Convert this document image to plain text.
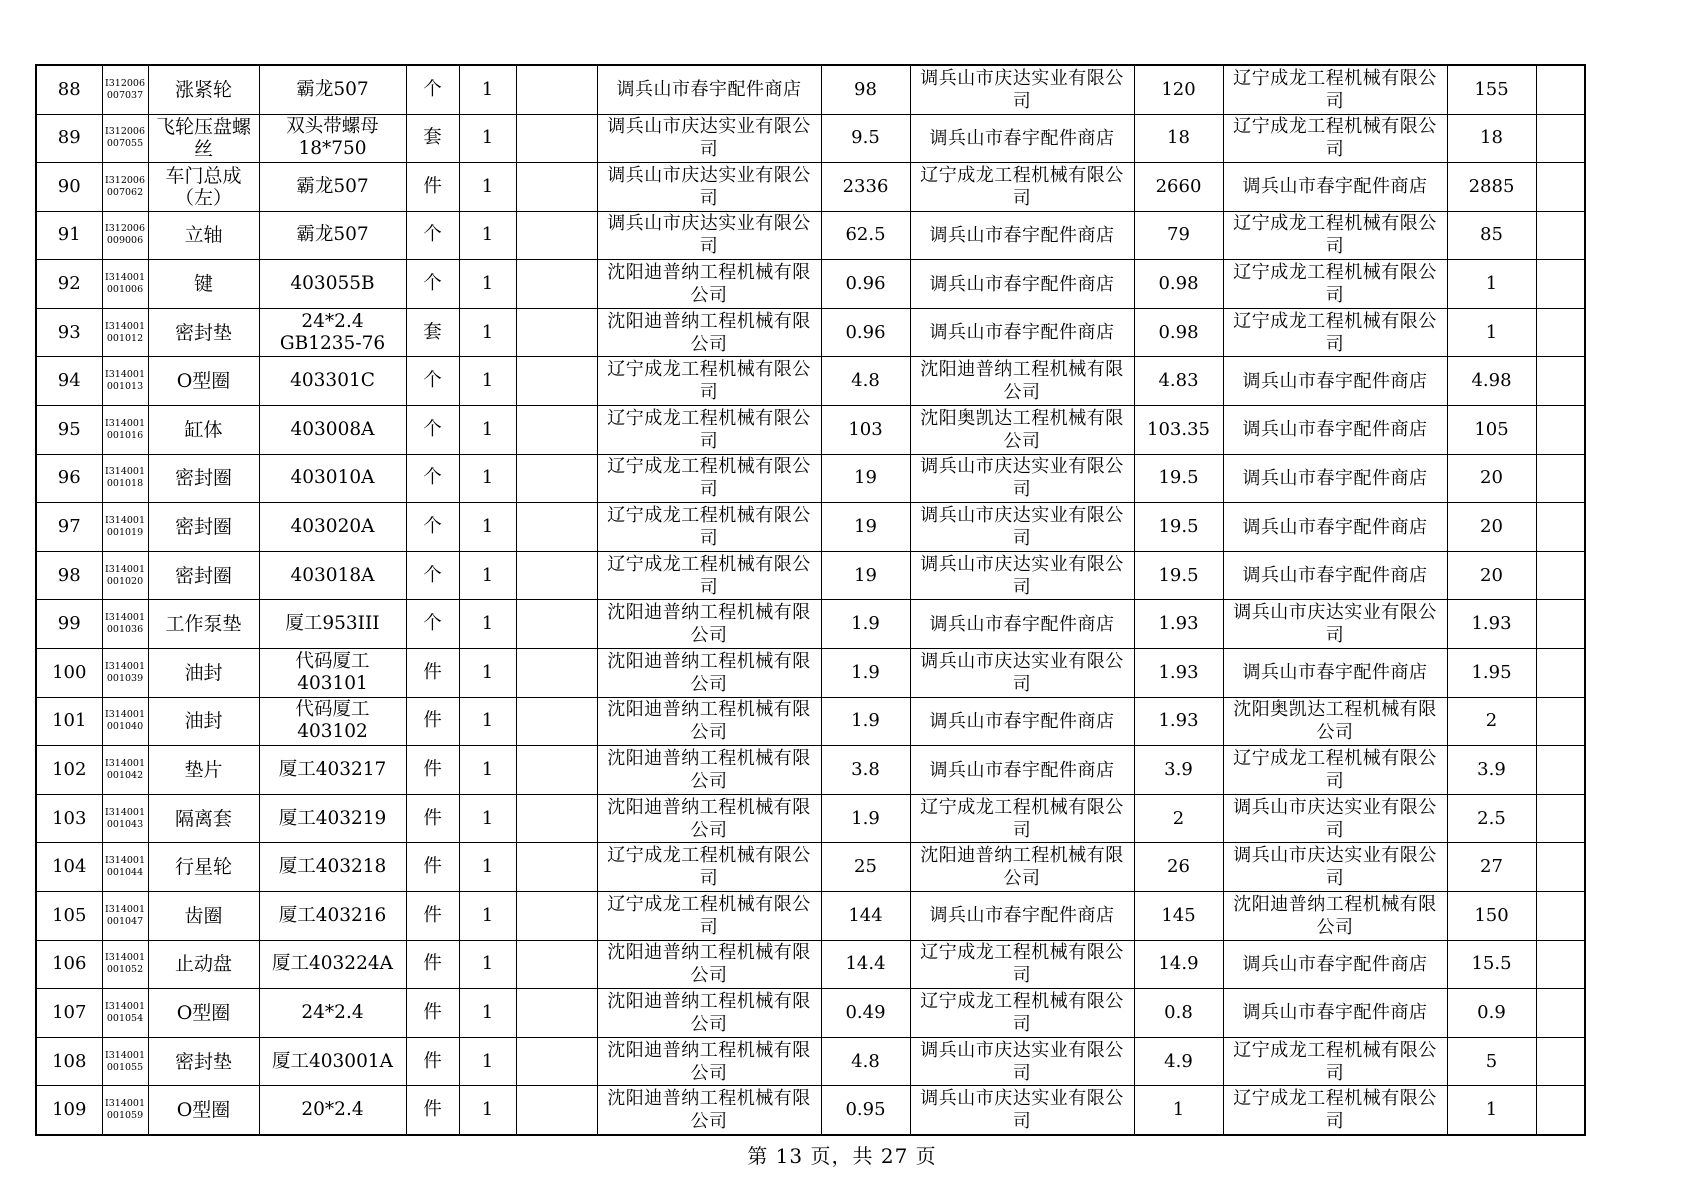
88	I312006 007037	涨紧轮	霸龙507	个	1		调兵山市春宇配件商店	98	调兵山市庆达实业有限公司	120	辽宁成龙工程机械有限公司	155	
89	I312006 007055	飞轮压盘螺丝	双头带螺母18*750	套	1		调兵山市庆达实业有限公司	9.5	调兵山市春宇配件商店	18	辽宁成龙工程机械有限公司	18	
90	I312006 007062	车门总成（左）	霸龙507	件	1		调兵山市庆达实业有限公司	2336	辽宁成龙工程机械有限公司	2660	调兵山市春宇配件商店	2885	
91	I312006 009006	立轴	霸龙507	个	1		调兵山市庆达实业有限公司	62.5	调兵山市春宇配件商店	79	辽宁成龙工程机械有限公司	85	
92	I314001 001006	键	403055B	个	1		沈阳迪普纳工程机械有限公司	0.96	调兵山市春宇配件商店	0.98	辽宁成龙工程机械有限公司	1	
93	I314001 001012	密封垫	24*2.4 GB1235-76	套	1		沈阳迪普纳工程机械有限公司	0.96	调兵山市春宇配件商店	0.98	辽宁成龙工程机械有限公司	1	
94	I314001 001013	O型圈	403301C	个	1		辽宁成龙工程机械有限公司	4.8	沈阳迪普纳工程机械有限公司	4.83	调兵山市春宇配件商店	4.98	
95	I314001 001016	缸体	403008A	个	1		辽宁成龙工程机械有限公司	103	沈阳奥凯达工程机械有限公司	103.35	调兵山市春宇配件商店	105	
96	I314001 001018	密封圈	403010A	个	1		辽宁成龙工程机械有限公司	19	调兵山市庆达实业有限公司	19.5	调兵山市春宇配件商店	20	
97	I314001 001019	密封圈	403020A	个	1		辽宁成龙工程机械有限公司	19	调兵山市庆达实业有限公司	19.5	调兵山市春宇配件商店	20	
98	I314001 001020	密封圈	403018A	个	1		辽宁成龙工程机械有限公司	19	调兵山市庆达实业有限公司	19.5	调兵山市春宇配件商店	20	
99	I314001 001036	工作泵垫	厦工953III	个	1		沈阳迪普纳工程机械有限公司	1.9	调兵山市春宇配件商店	1.93	调兵山市庆达实业有限公司	1.93	
100	I314001 001039	油封	代码厦工403101	件	1		沈阳迪普纳工程机械有限公司	1.9	调兵山市庆达实业有限公司	1.93	调兵山市春宇配件商店	1.95	
101	I314001 001040	油封	代码厦工403102	件	1		沈阳迪普纳工程机械有限公司	1.9	调兵山市春宇配件商店	1.93	沈阳奥凯达工程机械有限公司	2	
102	I314001 001042	垫片	厦工403217	件	1		沈阳迪普纳工程机械有限公司	3.8	调兵山市春宇配件商店	3.9	辽宁成龙工程机械有限公司	3.9	
103	I314001 001043	隔离套	厦工403219	件	1		沈阳迪普纳工程机械有限公司	1.9	辽宁成龙工程机械有限公司	2	调兵山市庆达实业有限公司	2.5	
104	I314001 001044	行星轮	厦工403218	件	1		辽宁成龙工程机械有限公司	25	沈阳迪普纳工程机械有限公司	26	调兵山市庆达实业有限公司	27	
105	I314001 001047	齿圈	厦工403216	件	1		辽宁成龙工程机械有限公司	144	调兵山市春宇配件商店	145	沈阳迪普纳工程机械有限公司	150	
106	I314001 001052	止动盘	厦工403224A	件	1		沈阳迪普纳工程机械有限公司	14.4	辽宁成龙工程机械有限公司	14.9	调兵山市春宇配件商店	15.5	
107	I314001 001054	O型圈	24*2.4	件	1		沈阳迪普纳工程机械有限公司	0.49	辽宁成龙工程机械有限公司	0.8	调兵山市春宇配件商店	0.9	
108	I314001 001055	密封垫	厦工403001A	件	1		沈阳迪普纳工程机械有限公司	4.8	调兵山市庆达实业有限公司	4.9	辽宁成龙工程机械有限公司	5	
109	I314001 001059	O型圈	20*2.4	件	1		沈阳迪普纳工程机械有限公司	0.95	调兵山市庆达实业有限公司	1	辽宁成龙工程机械有限公司	1	
第 13 页，共 27 页
